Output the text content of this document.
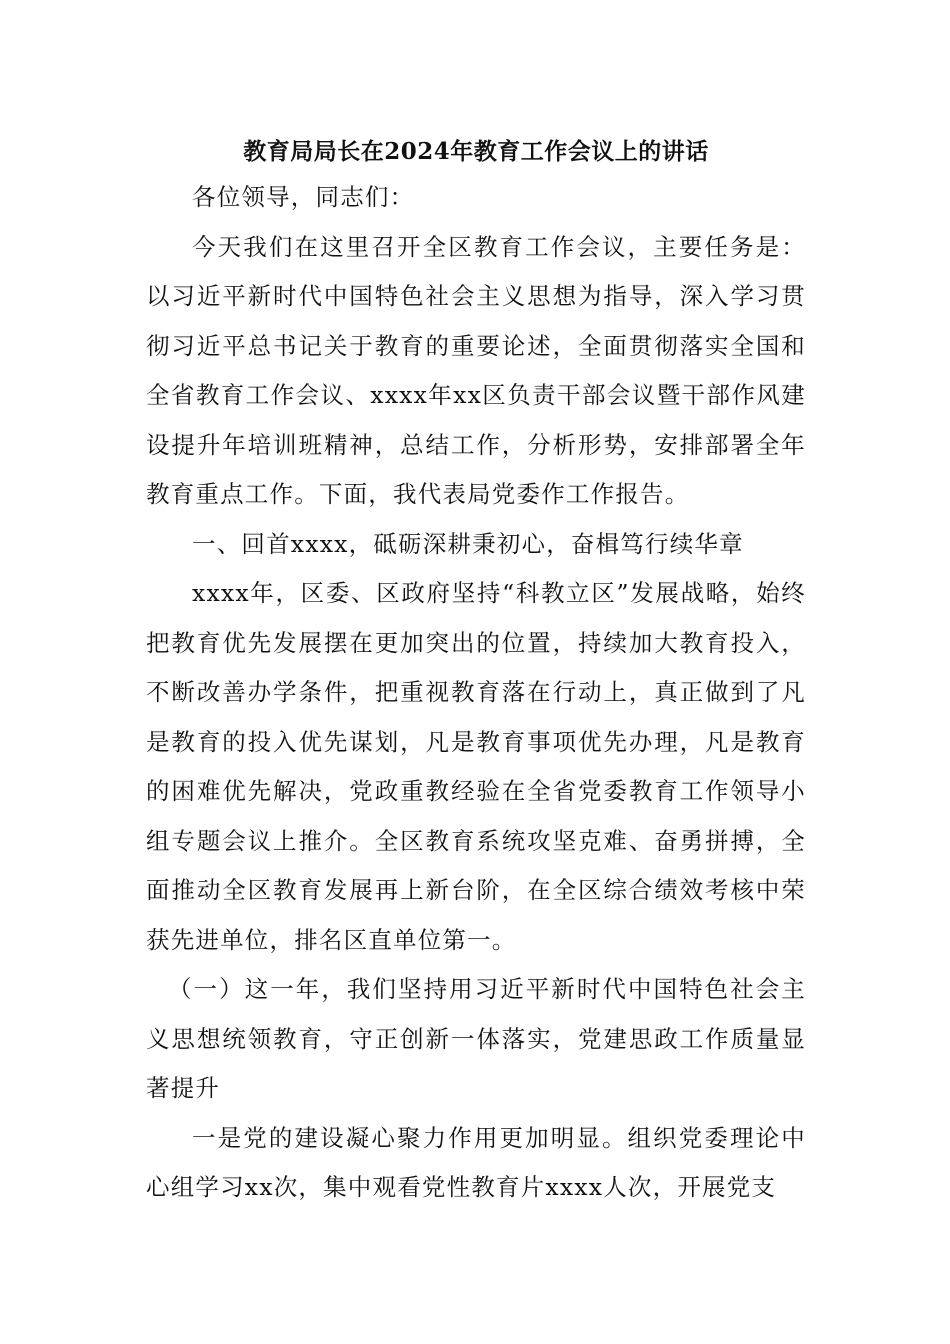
教育局局长在2024年教育工作会议上的讲话

各位领导，同志们：

今天我们在这里召开全区教育工作会议，主要任务是：以习近平新时代中国特色社会主义思想为指导，深入学习贯彻习近平总书记关于教育的重要论述，全面贯彻落实全国和全省教育工作会议、xxxx年xx区负责干部会议暨干部作风建设提升年培训班精神，总结工作，分析形势，安排部署全年教育重点工作。下面，我代表局党委作工作报告。

一、回首xxxx，砥砺深耕秉初心，奋楫笃行续华章

xxxx年，区委、区政府坚持“科教立区”发展战略，始终把教育优先发展摆在更加突出的位置，持续加大教育投入，不断改善办学条件，把重视教育落在行动上，真正做到了凡是教育的投入优先谋划，凡是教育事项优先办理，凡是教育的困难优先解决，党政重教经验在全省党委教育工作领导小组专题会议上推介。全区教育系统攻坚克难、奋勇拼搏，全面推动全区教育发展再上新台阶，在全区综合绩效考核中荣获先进单位，排名区直单位第一。

（一）这一年，我们坚持用习近平新时代中国特色社会主义思想统领教育，守正创新一体落实，党建思政工作质量显著提升

一是党的建设凝心聚力作用更加明显。组织党委理论中心组学习xx次，集中观看党性教育片xxxx人次，开展党支
